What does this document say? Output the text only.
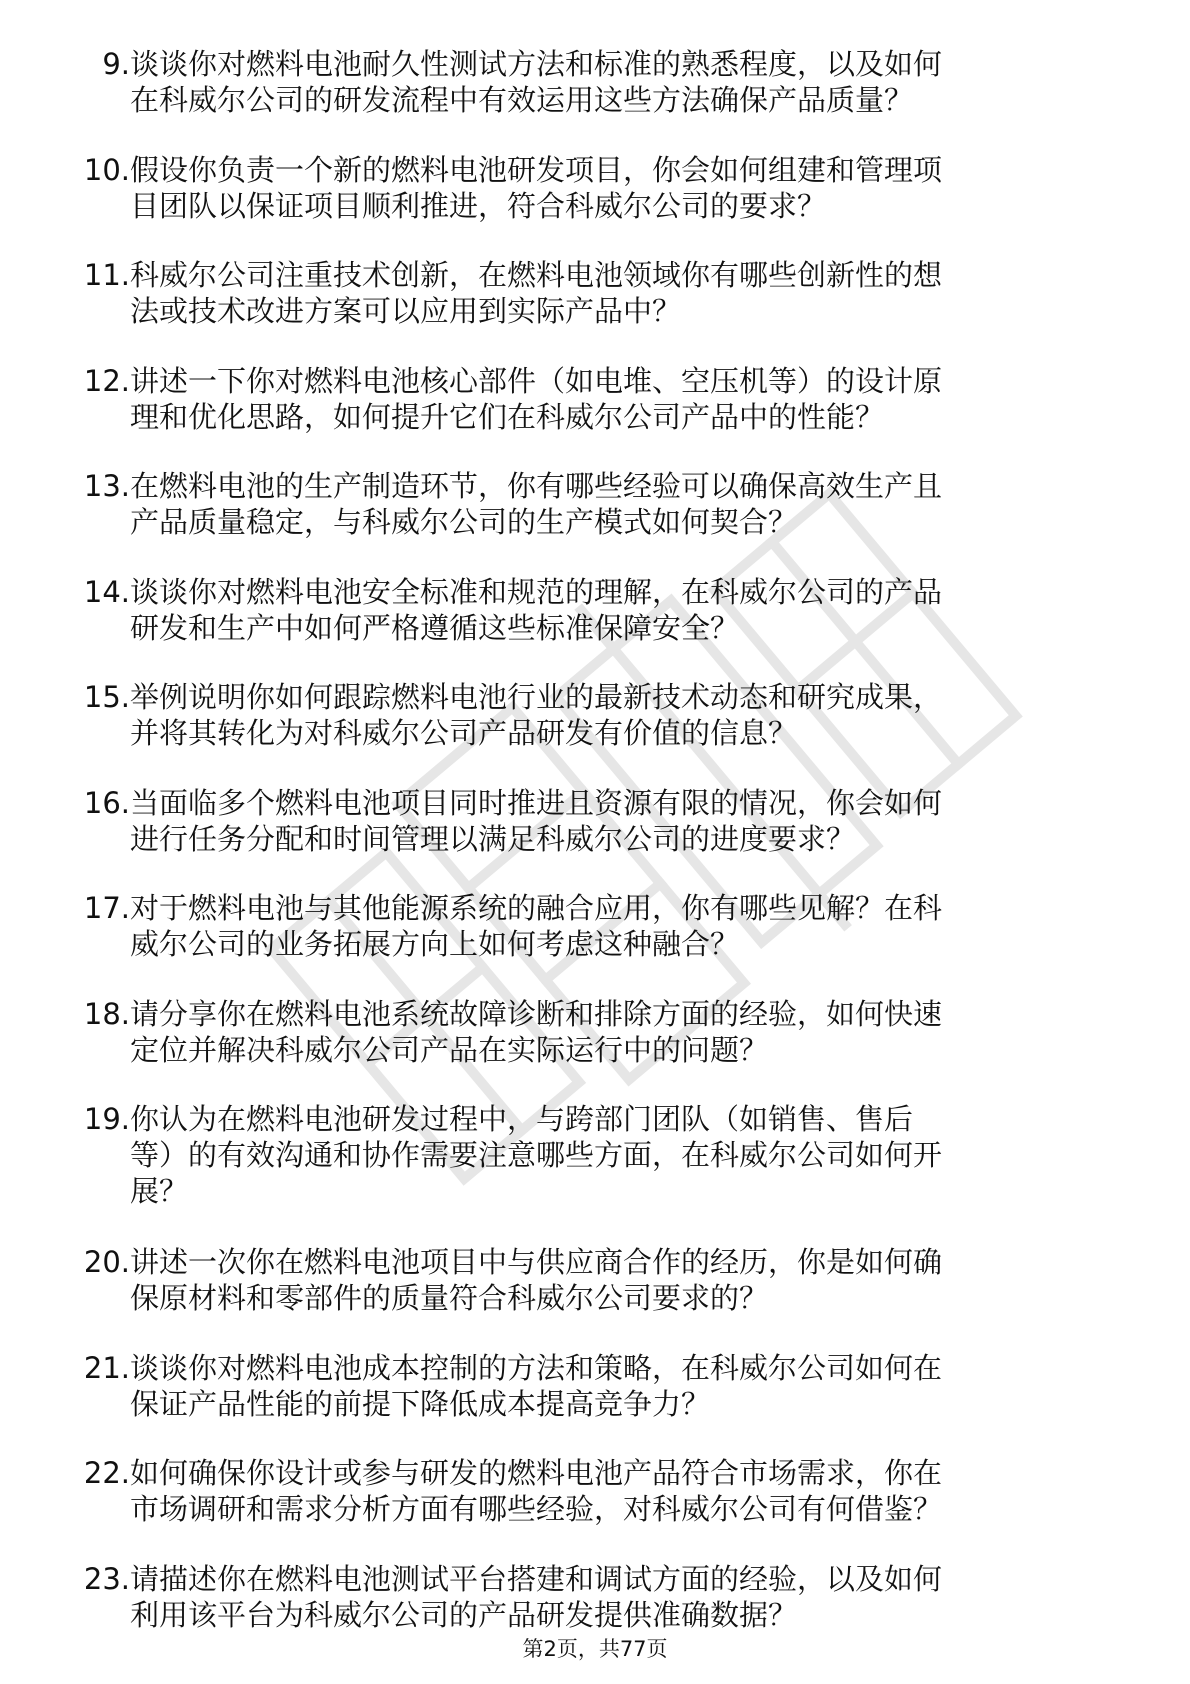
9. 谈谈你对燃料电池耐久性测试方法和标准的熟悉程度，以及如何
在科威尔公司的研发流程中有效运用这些方法确保产品质量？
10. 假设你负责一个新的燃料电池研发项目，你会如何组建和管理项
目团队以保证项目顺利推进，符合科威尔公司的要求？
11. 科威尔公司注重技术创新，在燃料电池领域你有哪些创新性的想
法或技术改进方案可以应用到实际产品中？
12. 讲述一下你对燃料电池核心部件（如电堆、空压机等）的设计原
理和优化思路，如何提升它们在科威尔公司产品中的性能？
13. 在燃料电池的生产制造环节，你有哪些经验可以确保高效生产且
产品质量稳定，与科威尔公司的生产模式如何契合？
14. 谈谈你对燃料电池安全标准和规范的理解，在科威尔公司的产品
研发和生产中如何严格遵循这些标准保障安全？
15. 举例说明你如何跟踪燃料电池行业的最新技术动态和研究成果，
并将其转化为对科威尔公司产品研发有价值的信息？
16. 当面临多个燃料电池项目同时推进且资源有限的情况，你会如何
进行任务分配和时间管理以满足科威尔公司的进度要求？
17. 对于燃料电池与其他能源系统的融合应用，你有哪些见解？在科
威尔公司的业务拓展方向上如何考虑这种融合？
18. 请分享你在燃料电池系统故障诊断和排除方面的经验，如何快速
定位并解决科威尔公司产品在实际运行中的问题？
19. 你认为在燃料电池研发过程中，与跨部门团队（如销售、售后
等）的有效沟通和协作需要注意哪些方面，在科威尔公司如何开
展？
20. 讲述一次你在燃料电池项目中与供应商合作的经历，你是如何确
保原材料和零部件的质量符合科威尔公司要求的？
21. 谈谈你对燃料电池成本控制的方法和策略，在科威尔公司如何在
保证产品性能的前提下降低成本提高竞争力？
22. 如何确保你设计或参与研发的燃料电池产品符合市场需求，你在
市场调研和需求分析方面有哪些经验，对科威尔公司有何借鉴？
23. 请描述你在燃料电池测试平台搭建和调试方面的经验，以及如何
利用该平台为科威尔公司的产品研发提供准确数据？
第2页，共77页
